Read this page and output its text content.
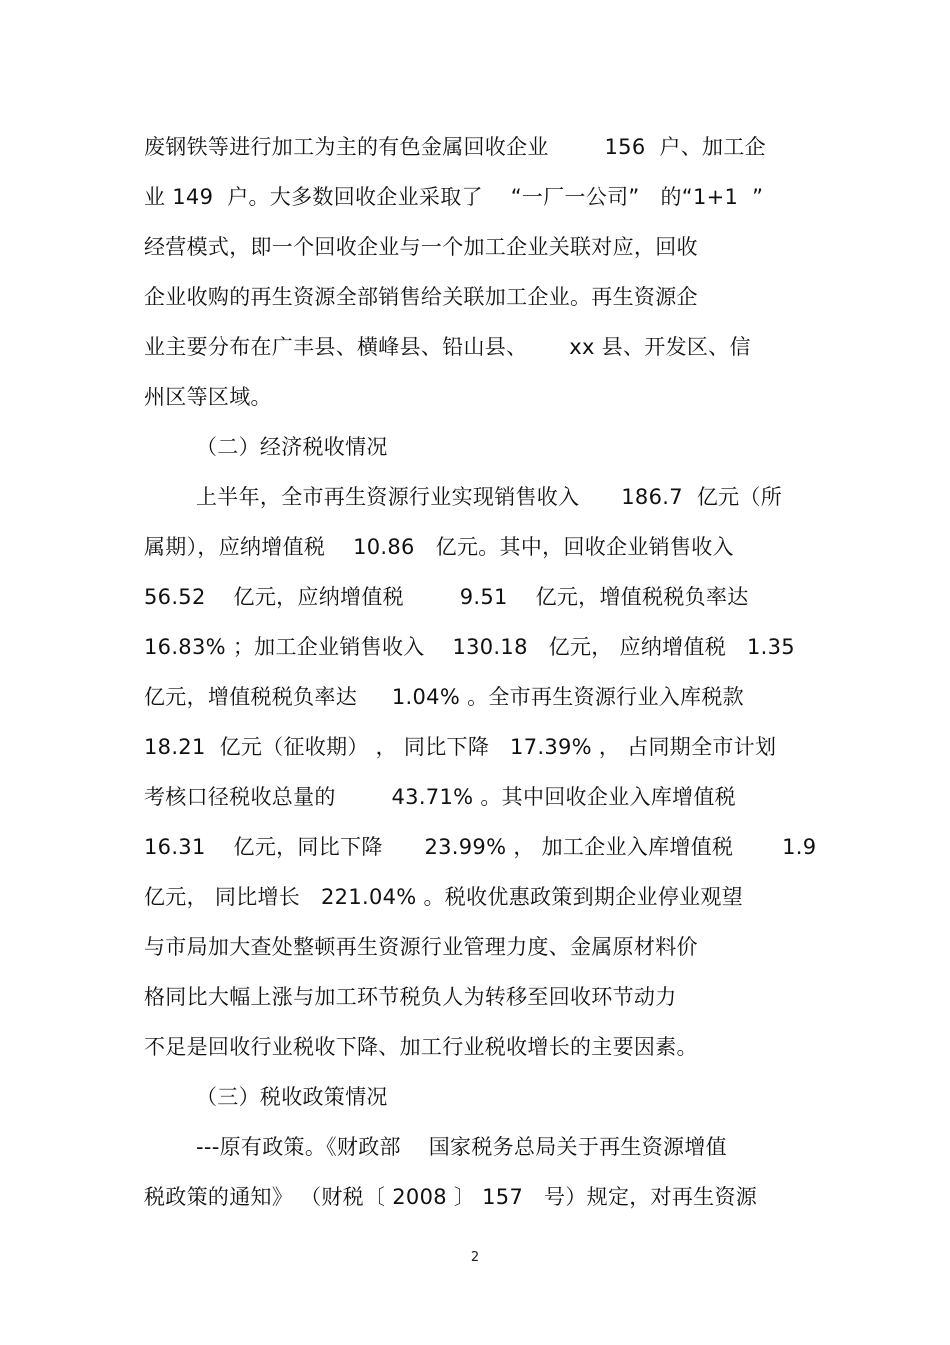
废钢铁等进行加工为主的有色金属回收企业        156  户、加工企
业 149  户。大多数回收企业采取了    “一厂一公司”   的“1+1  ”
经营模式，即一个回收企业与一个加工企业关联对应，回收
企业收购的再生资源全部销售给关联加工企业。再生资源企
业主要分布在广丰县、横峰县、铅山县、      xx 县、开发区、信
州区等区域。
（二）经济税收情况
上半年，全市再生资源行业实现销售收入      186.7  亿元（所
属期），应纳增值税    10.86   亿元。其中，回收企业销售收入
56.52    亿元，应纳增值税        9.51    亿元，增值税税负率达
16.83% ；加工企业销售收入    130.18   亿元， 应纳增值税   1.35
亿元，增值税税负率达     1.04% 。全市再生资源行业入库税款
18.21  亿元（征收期） ， 同比下降   17.39% ， 占同期全市计划
考核口径税收总量的        43.71% 。其中回收企业入库增值税
16.31    亿元，同比下降      23.99% ， 加工企业入库增值税       1.9
亿元， 同比增长   221.04% 。税收优惠政策到期企业停业观望
与市局加大查处整顿再生资源行业管理力度、金属原材料价
格同比大幅上涨与加工环节税负人为转移至回收环节动力
不足是回收行业税收下降、加工行业税收增长的主要因素。
（三）税收政策情况
---原有政策。《财政部    国家税务总局关于再生资源增值
税政策的通知》 （财税〔 2008 〕 157   号）规定，对再生资源
2
